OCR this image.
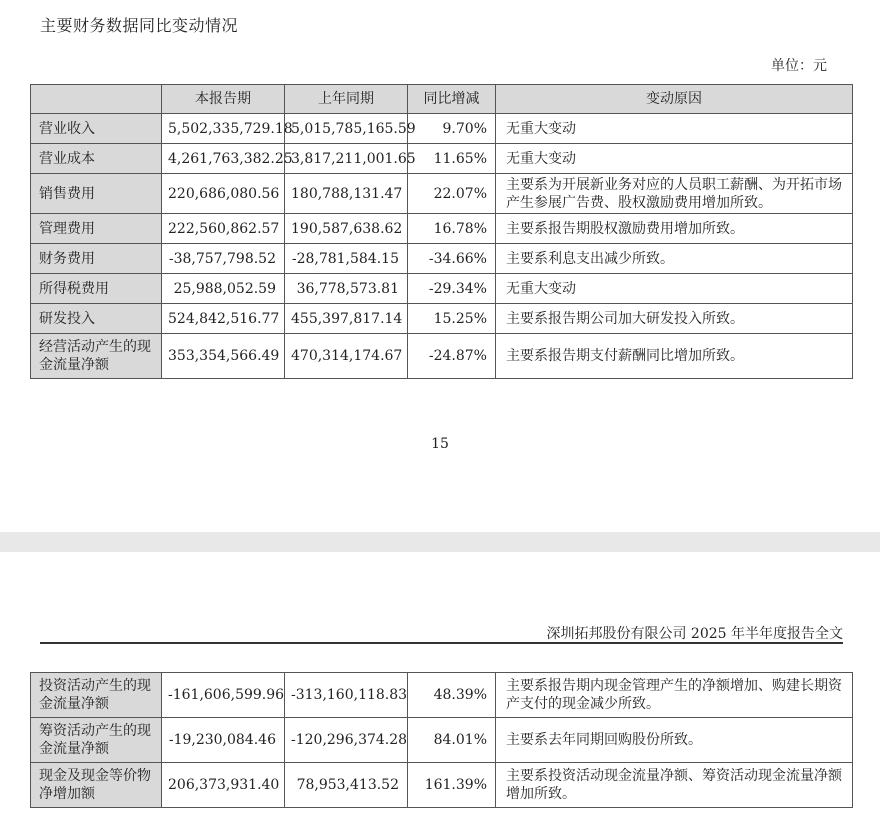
主要财务数据同比变动情况
单位：元
	本报告期	上年同期	同比增减	变动原因
营业收入	5,502,335,729.18	5,015,785,165.59	9.70%	无重大变动
营业成本	4,261,763,382.25	3,817,211,001.65	11.65%	无重大变动
销售费用	220,686,080.56	180,788,131.47	22.07%	主要系为开展新业务对应的人员职工薪酬、为开拓市场产生参展广告费、股权激励费用增加所致。
管理费用	222,560,862.57	190,587,638.62	16.78%	主要系报告期股权激励费用增加所致。
财务费用	-38,757,798.52	-28,781,584.15	-34.66%	主要系利息支出减少所致。
所得税费用	25,988,052.59	36,778,573.81	-29.34%	无重大变动
研发投入	524,842,516.77	455,397,817.14	15.25%	主要系报告期公司加大研发投入所致。
经营活动产生的现金流量净额	353,354,566.49	470,314,174.67	-24.87%	主要系报告期支付薪酬同比增加所致。
15
深圳拓邦股份有限公司 2025 年半年度报告全文
投资活动产生的现金流量净额	-161,606,599.96	-313,160,118.83	48.39%	主要系报告期内现金管理产生的净额增加、购建长期资产支付的现金减少所致。
筹资活动产生的现金流量净额	-19,230,084.46	-120,296,374.28	84.01%	主要系去年同期回购股份所致。
现金及现金等价物净增加额	206,373,931.40	78,953,413.52	161.39%	主要系投资活动现金流量净额、筹资活动现金流量净额增加所致。
